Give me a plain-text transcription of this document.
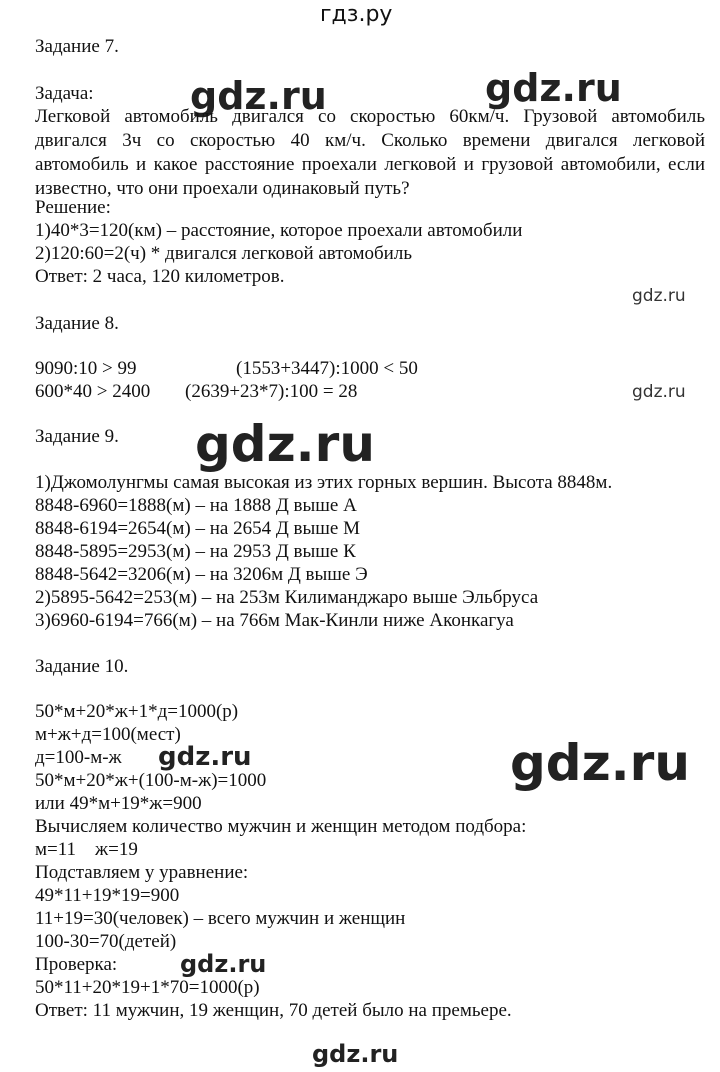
гдз.ру
gdz.ru	gdz.ru
gdz.ru
gdz.ru
gdz.ru
gdz.ru	gdz.ru
gdz.ru
gdz.ru
Задание 7.
Задача:
Легковой автомобиль двигался со скоростью 60км/ч. Грузовой автомобиль двигался 3ч со скоростью 40 км/ч. Сколько времени двигался легковой автомобиль и какое расстояние проехали легковой и грузовой автомобили, если известно, что они проехали одинаковый путь?
Решение:
1)40*3=120(км) – расстояние, которое проехали автомобили
2)120:60=2(ч) * двигался легковой автомобиль
Ответ: 2 часа, 120 километров.
Задание 8.
9090:10 > 99	(1553+3447):1000 < 50
600*40 > 2400 (2639+23*7):100 = 28
Задание 9.
1)Джомолунгмы самая высокая из этих горных вершин. Высота 8848м.
8848-6960=1888(м) – на 1888 Д выше А
8848-6194=2654(м) – на 2654 Д выше М
8848-5895=2953(м) – на 2953 Д выше К
8848-5642=3206(м) – на 3206м Д выше Э
2)5895-5642=253(м) – на 253м Килиманджаро выше Эльбруса
3)6960-6194=766(м) – на 766м Мак-Кинли ниже Аконкагуа
Задание 10.
50*м+20*ж+1*д=1000(р)
м+ж+д=100(мест)
д=100-м-ж
50*м+20*ж+(100-м-ж)=1000
или 49*м+19*ж=900
Вычисляем количество мужчин и женщин методом подбора:
м=11    ж=19
Подставляем у уравнение:
49*11+19*19=900
11+19=30(человек) – всего мужчин и женщин
100-30=70(детей)
Проверка:
50*11+20*19+1*70=1000(р)
Ответ: 11 мужчин, 19 женщин, 70 детей было на премьере.
